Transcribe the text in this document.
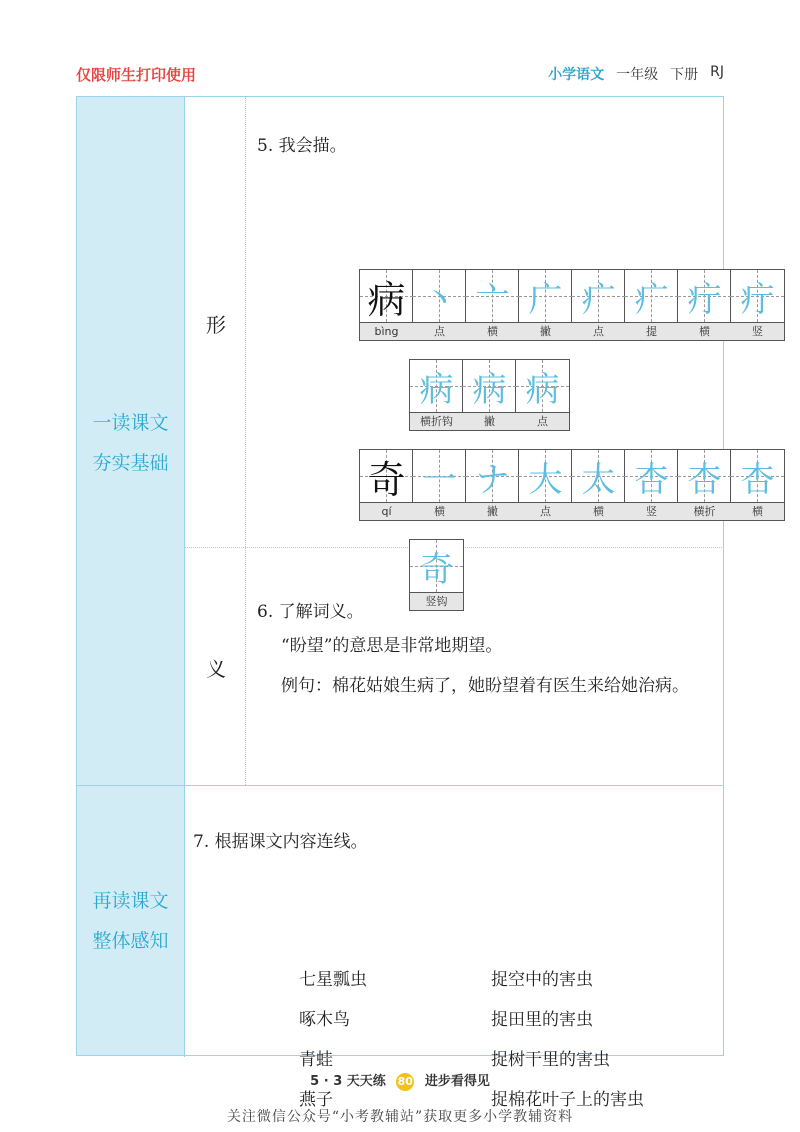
仅限师生打印使用	小学语文 一年级 下册 RJ
一读课文
夯实基础
再读课文
整体感知
形
义
5. 我会描。
病
bìng
丶
点
亠
横
广
撇
疒
点
疒
提
疔
横
疔
竖
病
横折钩
病
撇
病
点
奇
qí
一
横
ナ
撇
大
点
太
横
杏
竖
杏
横折
杏
横
奇
竖钩
6. 了解词义。
“盼望”的意思是非常地期望。
例句：棉花姑娘生病了，她盼望着有医生来给她治病。
7. 根据课文内容连线。
七星瓢虫
啄木鸟
青蛙
燕子
捉空中的害虫
捉田里的害虫
捉树干里的害虫
捉棉花叶子上的害虫
5 · 3 天天练 80 进步看得见
关注微信公众号“小考教辅站”获取更多小学教辅资料
